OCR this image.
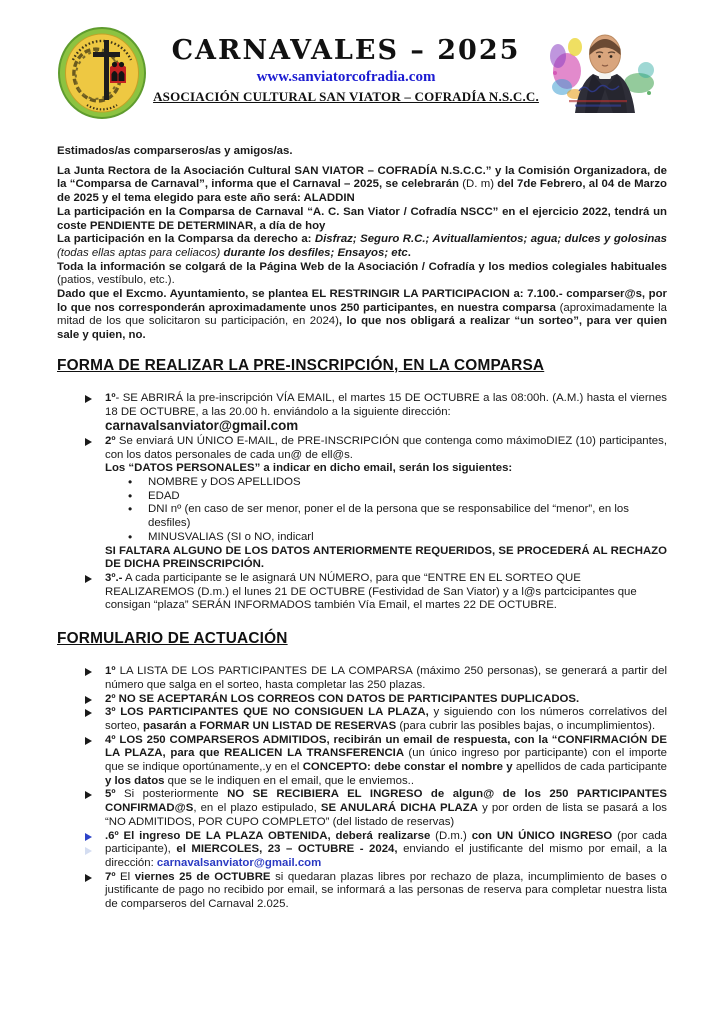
CARNAVALES – 2025
www.sanviatorcofradia.com
ASOCIACIÓN CULTURAL SAN VIATOR – COFRADÍA N.S.C.C.
Estimados/as comparseros/as y amigos/as.
La Junta Rectora de la Asociación Cultural SAN VIATOR – COFRADÍA N.S.C.C.” y la Comisión Organizadora, de la “Comparsa de Carnaval”, informa que el Carnaval – 2025, se celebrarán (D. m) del 7de Febrero, al 04 de Marzo de 2025 y el tema elegido para este año será: ALADDIN
La participación en la Comparsa de Carnaval “A. C. San Viator / Cofradía NSCC” en el ejercicio 2022, tendrá un coste PENDIENTE DE DETERMINAR, a día de hoy
La participación en la Comparsa da derecho a: Disfraz; Seguro R.C.; Avituallamientos; agua; dulces y golosinas (todas ellas aptas para celiacos) durante los desfiles; Ensayos; etc.
Toda la información se colgará de la Página Web de la Asociación / Cofradía y los medios colegiales habituales (patios, vestíbulo, etc.).
Dado que el Excmo. Ayuntamiento, se plantea EL RESTRINGIR LA PARTICIPACION a: 7.100.- comparser@s, por lo que nos corresponderán aproximadamente unos 250 participantes, en nuestra comparsa (aproximadamente la mitad de los que solicitaron su participación, en 2024), lo que nos obligará a realizar “un sorteo”, para ver quien sale y quien, no.
FORMA DE REALIZAR LA PRE-INSCRIPCIÓN, EN LA COMPARSA
1º- SE ABRIRÁ la pre-inscripción VÍA EMAIL, el martes 15 DE OCTUBRE a las 08:00h. (A.M.) hasta el viernes 18 DE OCTUBRE, a las 20.00 h. enviándolo a la siguiente dirección:
carnavalsanviator@gmail.com
2º Se enviará UN ÚNICO E-MAIL, de PRE-INSCRIPCIÓN que contenga como máximoDIEZ (10) participantes, con los datos personales de cada un@ de ell@s.
Los “DATOS PERSONALES” a indicar en dicho email, serán los siguientes:
•	NOMBRE y DOS APELLIDOS
•	EDAD
•	DNI nº (en caso de ser menor, poner el de la persona que se responsabilice del “menor”, en los desfiles)
•	MINUSVALIAS (SI o NO, indicarl
SI FALTARA ALGUNO DE LOS DATOS ANTERIORMENTE REQUERIDOS, SE PROCEDERÁ AL RECHAZO DE DICHA PREINSCRIPCIÓN.
3º.- A cada participante se le asignará UN NÚMERO, para que “ENTRE EN EL SORTEO QUE REALIZAREMOS (D.m.) el lunes 21 DE OCTUBRE (Festividad de San Viator) y a l@s partcicipantes que consigan “plaza” SERÁN INFORMADOS también Vía Email, el martes 22 DE OCTUBRE.
FORMULARIO DE ACTUACIÓN
1º LA LISTA DE LOS PARTICIPANTES DE LA COMPARSA (máximo 250 personas), se generará a partir del número que salga en el sorteo, hasta completar las 250 plazas.
2º NO SE ACEPTARÁN LOS CORREOS CON DATOS DE PARTICIPANTES DUPLICADOS.
3º LOS PARTICIPANTES QUE NO CONSIGUEN LA PLAZA, y siguiendo con los números correlativos del sorteo, pasarán a FORMAR UN LISTAD DE RESERVAS (para cubrir las posibles bajas, o incumplimientos).
4º LOS 250 COMPARSEROS ADMITIDOS, recibirán un email de respuesta, con la “CONFIRMACIÓN DE LA PLAZA, para que REALICEN LA TRANSFERENCIA (un único ingreso por participante) con el importe que se indique oportúnamente,.y en el CONCEPTO: debe constar el nombre y apellidos de cada participante y los datos que se le indiquen en el email, que le enviemos..
5º Si posteriormente NO SE RECIBIERA EL INGRESO de algun@ de los 250 PARTICIPANTES CONFIRMAD@S, en el plazo estipulado, SE ANULARÁ DICHA PLAZA y por orden de lista se pasará a los “NO ADMITIDOS, POR CUPO COMPLETO” (del listado de reservas)
.6º El ingreso DE LA PLAZA OBTENIDA, deberá realizarse (D.m.) con UN ÚNICO INGRESO (por cada participante), el MIERCOLES, 23 – OCTUBRE - 2024, enviando el justificante del mismo por email, a la dirección: carnavalsanviator@gmail.com
7º El viernes 25 de OCTUBRE si quedaran plazas libres por rechazo de plaza, incumplimiento de bases o justificante de pago no recibido por email, se informará a las personas de reserva para completar nuestra lista de comparseros del Carnaval 2.025.
